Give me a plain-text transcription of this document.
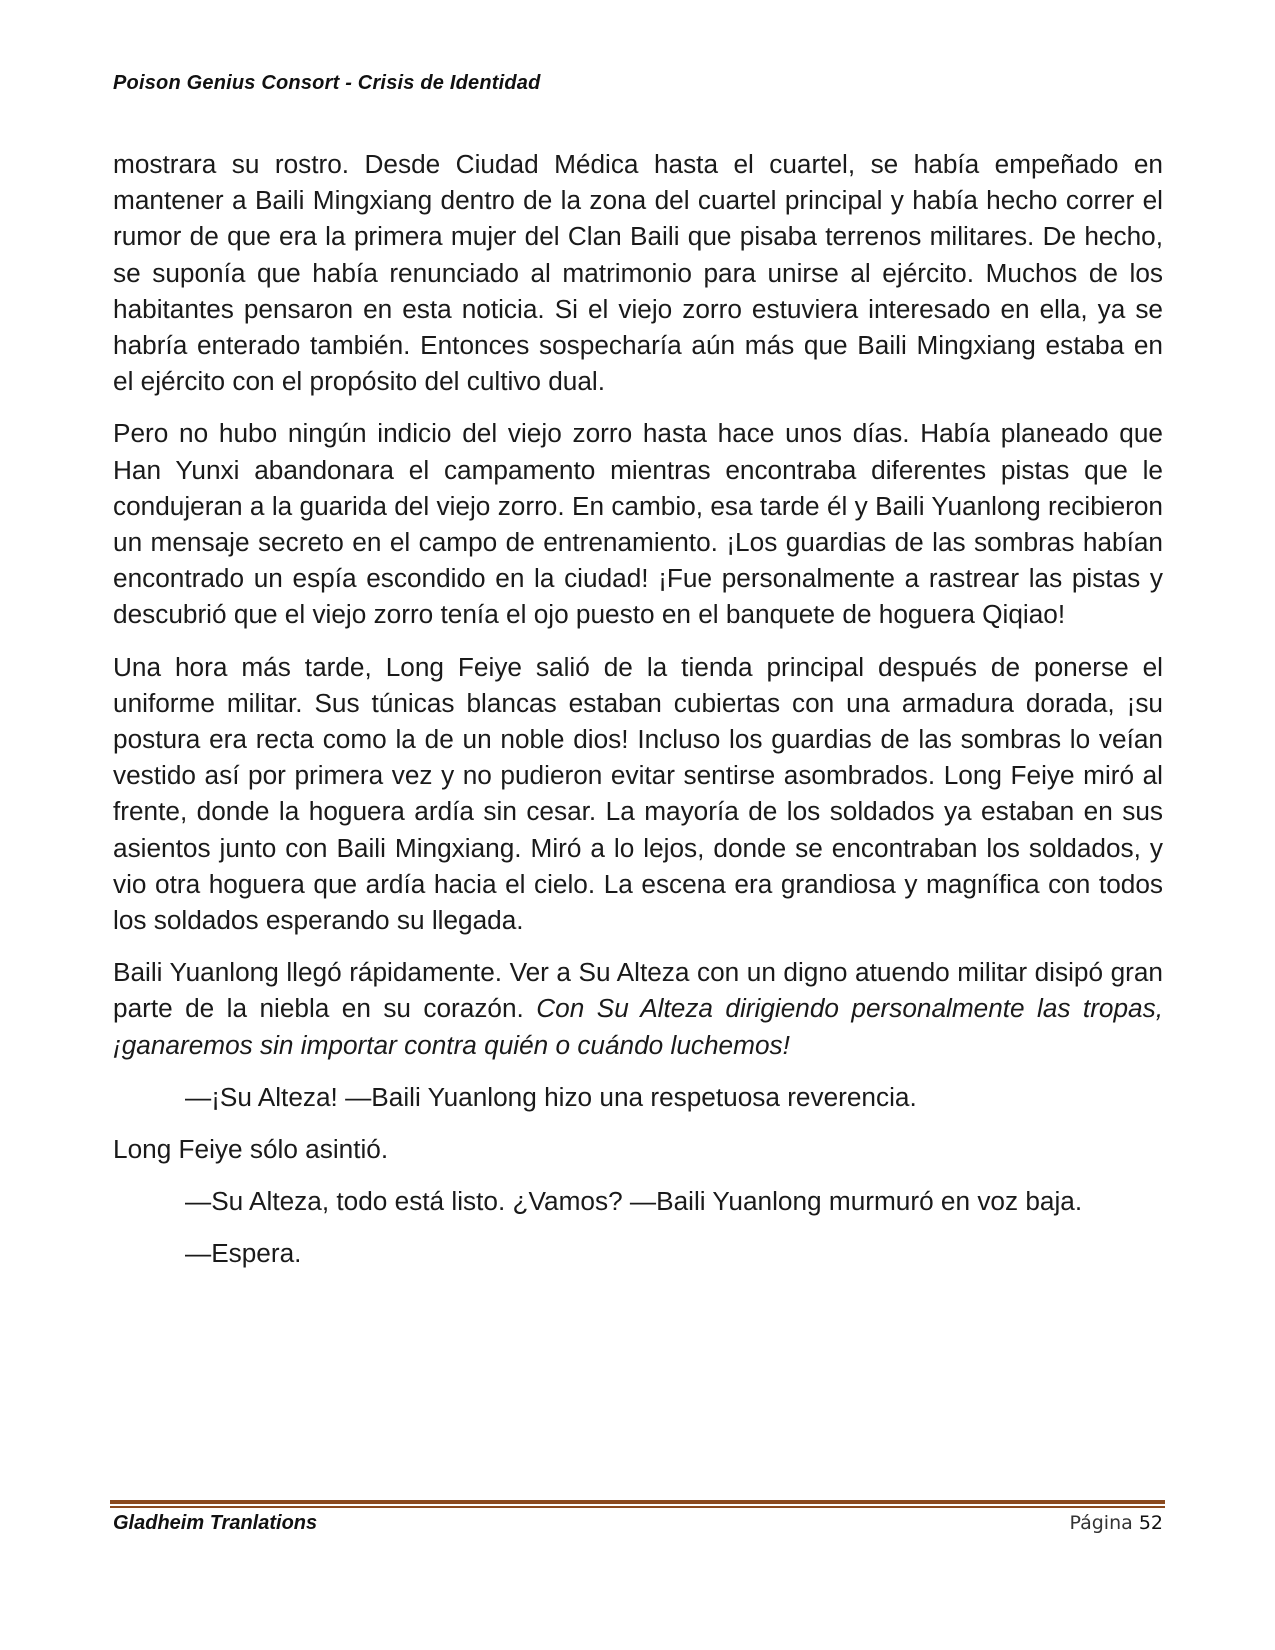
Poison Genius Consort - Crisis de Identidad

mostrara su rostro. Desde Ciudad Médica hasta el cuartel, se había empeñado en mantener a Baili Mingxiang dentro de la zona del cuartel principal y había hecho correr el rumor de que era la primera mujer del Clan Baili que pisaba terrenos militares. De hecho, se suponía que había renunciado al matrimonio para unirse al ejército. Muchos de los habitantes pensaron en esta noticia. Si el viejo zorro estuviera interesado en ella, ya se habría enterado también. Entonces sospecharía aún más que Baili Mingxiang estaba en el ejército con el propósito del cultivo dual.

Pero no hubo ningún indicio del viejo zorro hasta hace unos días. Había planeado que Han Yunxi abandonara el campamento mientras encontraba diferentes pistas que le condujeran a la guarida del viejo zorro. En cambio, esa tarde él y Baili Yuanlong recibieron un mensaje secreto en el campo de entrenamiento. ¡Los guardias de las sombras habían encontrado un espía escondido en la ciudad! ¡Fue personalmente a rastrear las pistas y descubrió que el viejo zorro tenía el ojo puesto en el banquete de hoguera Qiqiao!

Una hora más tarde, Long Feiye salió de la tienda principal después de ponerse el uniforme militar. Sus túnicas blancas estaban cubiertas con una armadura dorada, ¡su postura era recta como la de un noble dios! Incluso los guardias de las sombras lo veían vestido así por primera vez y no pudieron evitar sentirse asombrados. Long Feiye miró al frente, donde la hoguera ardía sin cesar. La mayoría de los soldados ya estaban en sus asientos junto con Baili Mingxiang. Miró a lo lejos, donde se encontraban los soldados, y vio otra hoguera que ardía hacia el cielo. La escena era grandiosa y magnífica con todos los soldados esperando su llegada.

Baili Yuanlong llegó rápidamente. Ver a Su Alteza con un digno atuendo militar disipó gran parte de la niebla en su corazón. Con Su Alteza dirigiendo personalmente las tropas, ¡ganaremos sin importar contra quién o cuándo luchemos!

—¡Su Alteza! —Baili Yuanlong hizo una respetuosa reverencia.

Long Feiye sólo asintió.

—Su Alteza, todo está listo. ¿Vamos? —Baili Yuanlong murmuró en voz baja.

—Espera.

Gladheim Tranlations	Página 52
